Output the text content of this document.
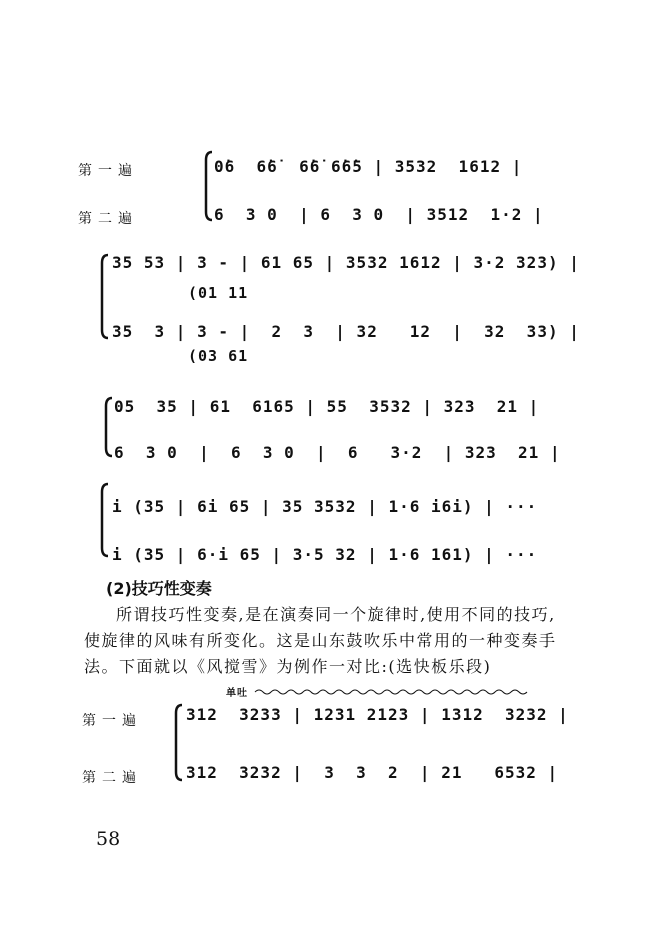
第一遍
第二遍
0̇6  6̇6̇  6̇6̇ 6̇6̇5 | 3532  1612 |
6  3 0  | 6  3 0  | 3512  1·2 |
35 53 | 3 - | 61 65 | 3532 1612 | 3·2 323) |
(01 11
35  3 | 3 - |  2  3  | 32   12  |  32  33) |
(03 61
05  35 | 61  6165 | 55  3532 | 323  21 |
6  3 0  |  6  3 0  |  6   3·2  | 323  21 |
i (35 | 6i 65 | 35 3532 | 1·6 i6i) | ···
i (35 | 6·i 65 | 3·5 32 | 1·6 161) | ···
(2)技巧性变奏
所谓技巧性变奏,是在演奏同一个旋律时,使用不同的技巧,
使旋律的风味有所变化。这是山东鼓吹乐中常用的一种变奏手
法。下面就以《风搅雪》为例作一对比:(选快板乐段)
单吐
第一遍
第二遍
312  3233 | 1231 2123 | 1312  3232 |
312  3232 |  3  3  2  | 21   6532 |
58
